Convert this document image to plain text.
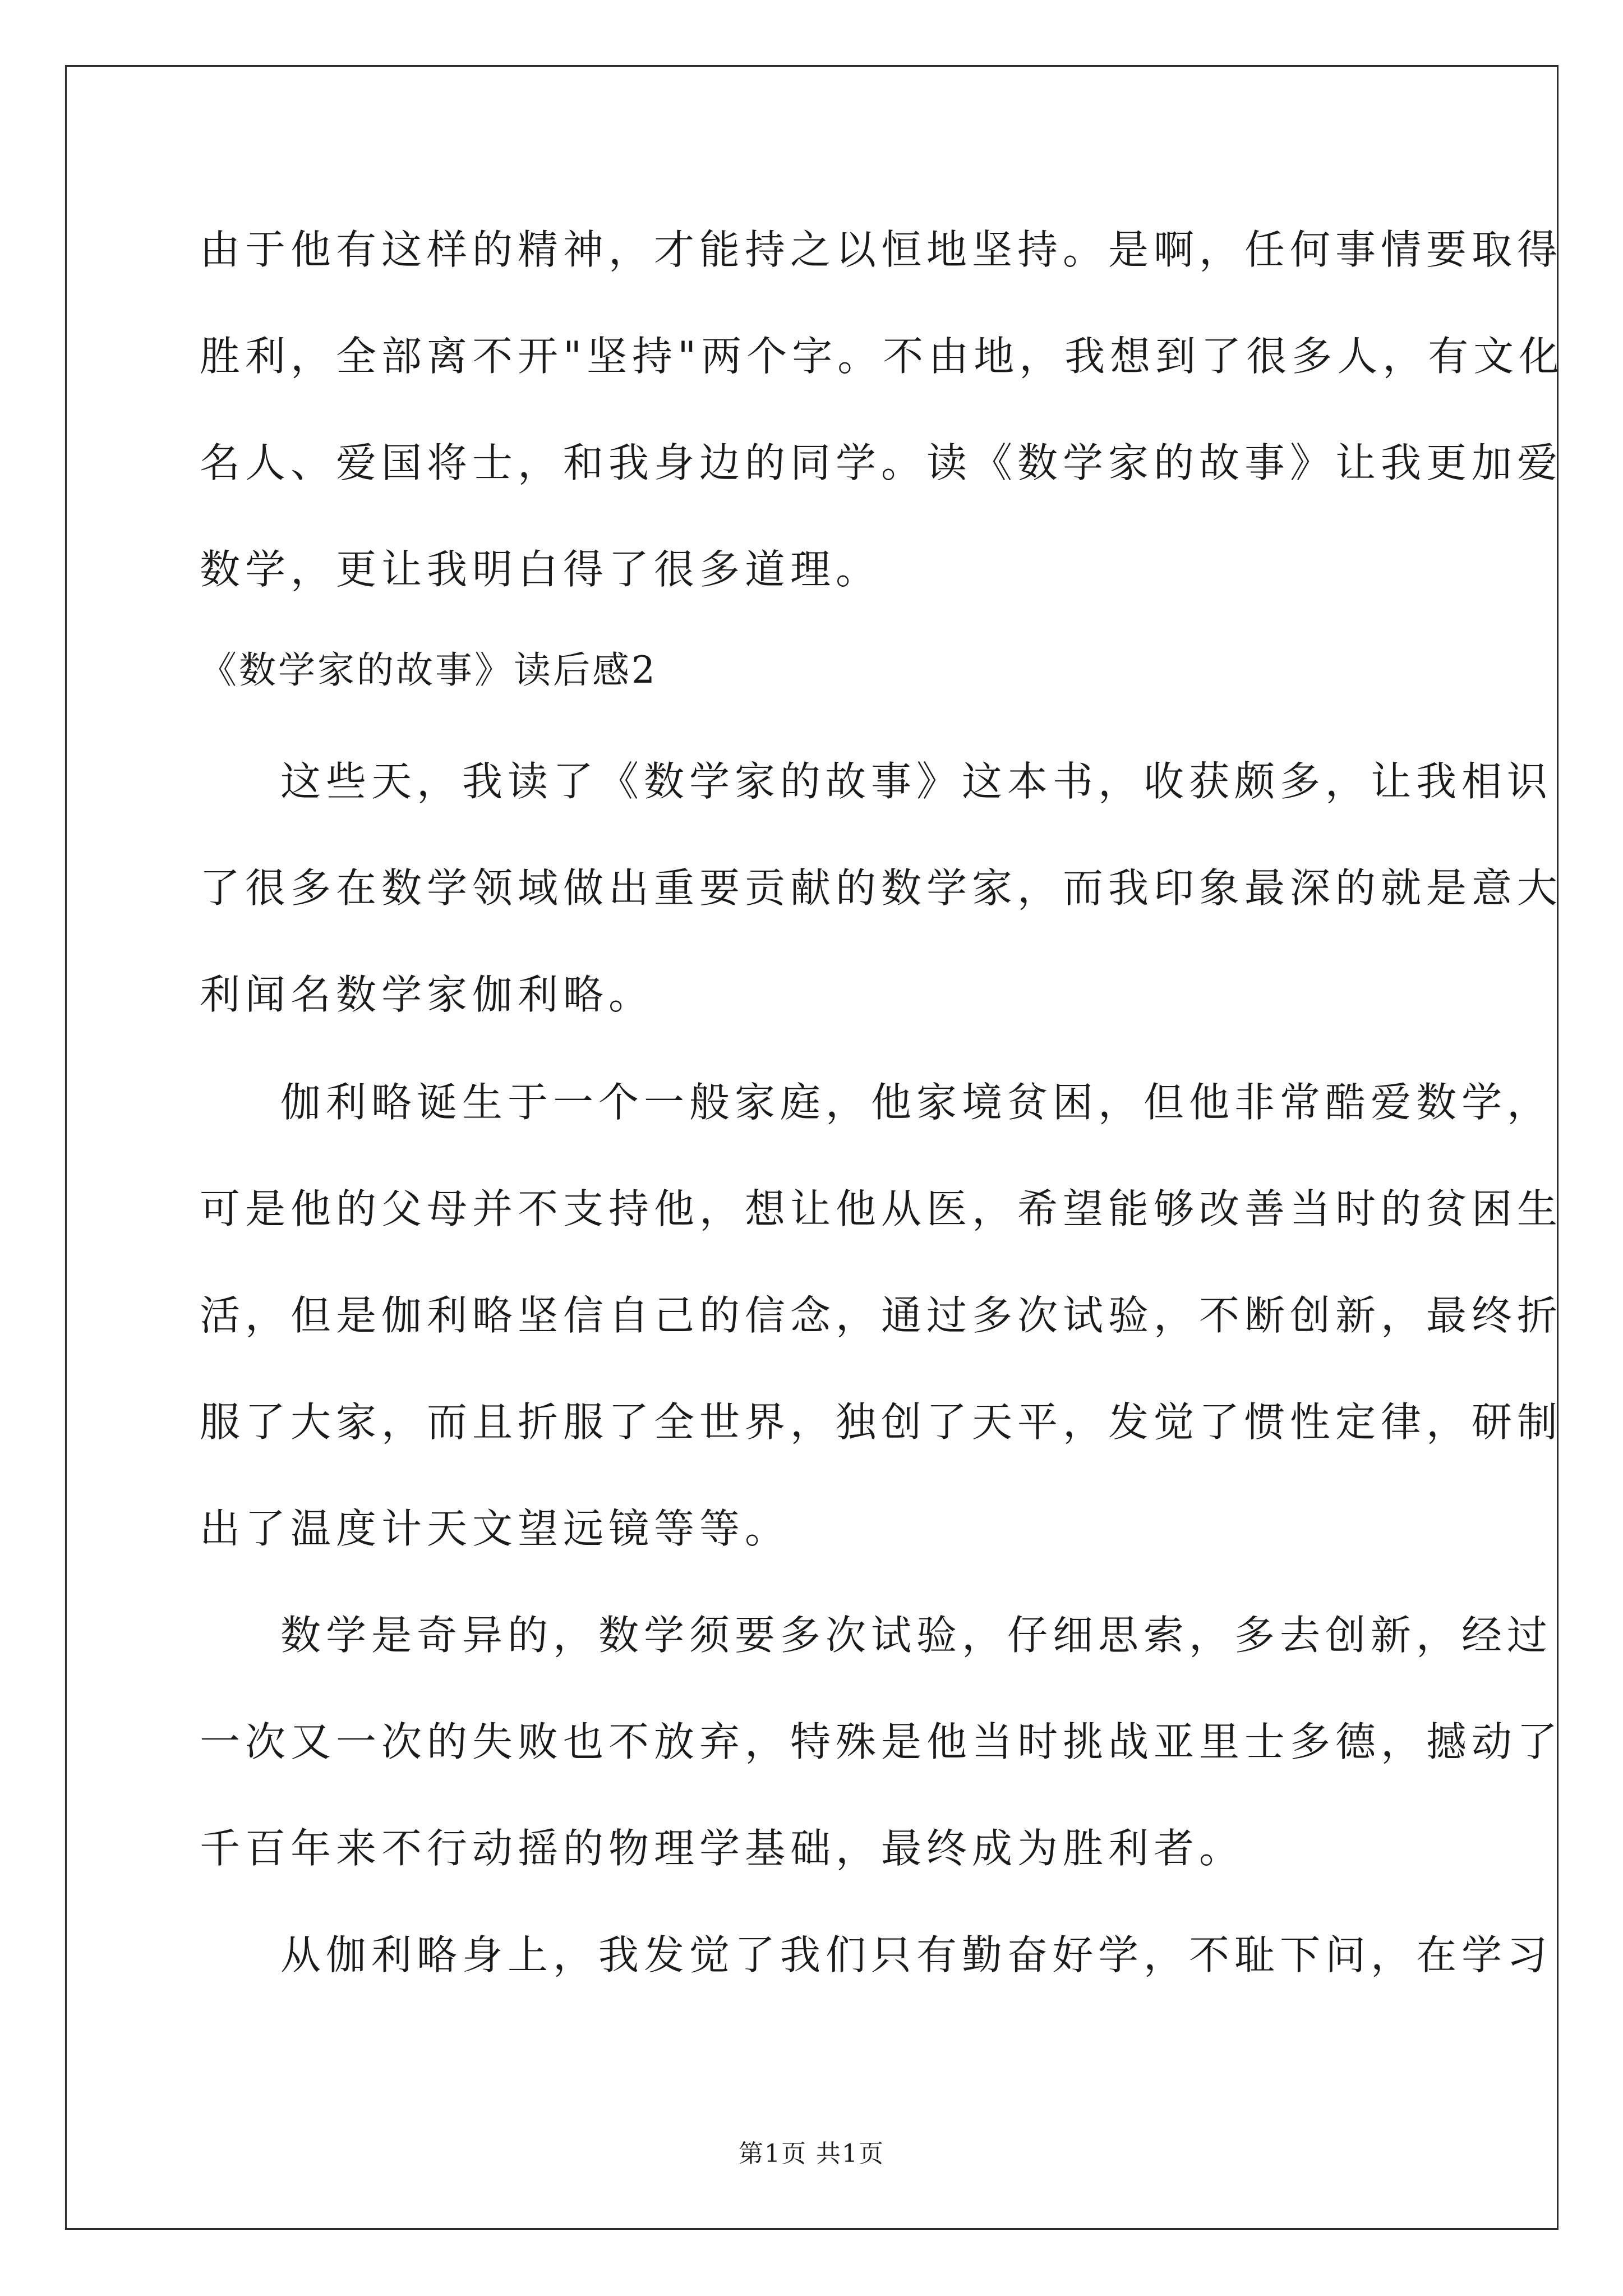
由于他有这样的精神，才能持之以恒地坚持。是啊，任何事情要取得
胜利，全部离不开"坚持"两个字。不由地，我想到了很多人，有文化
名人、爱国将士，和我身边的同学。读《数学家的故事》让我更加爱
数学，更让我明白得了很多道理。
《数学家的故事》读后感2
这些天，我读了《数学家的故事》这本书，收获颇多，让我相识
了很多在数学领域做出重要贡献的数学家，而我印象最深的就是意大
利闻名数学家伽利略。
伽利略诞生于一个一般家庭，他家境贫困，但他非常酷爱数学，
可是他的父母并不支持他，想让他从医，希望能够改善当时的贫困生
活，但是伽利略坚信自己的信念，通过多次试验，不断创新，最终折
服了大家，而且折服了全世界，独创了天平，发觉了惯性定律，研制
出了温度计天文望远镜等等。
数学是奇异的，数学须要多次试验，仔细思索，多去创新，经过
一次又一次的失败也不放弃，特殊是他当时挑战亚里士多德，撼动了
千百年来不行动摇的物理学基础，最终成为胜利者。
从伽利略身上，我发觉了我们只有勤奋好学，不耻下问，在学习
第1页 共1页
